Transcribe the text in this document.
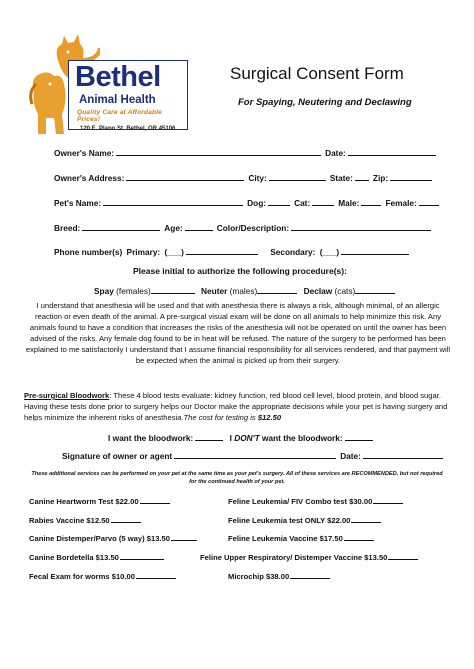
Bethel
Animal Health
Quality Care at Affordable Prices!
120 E. Plano St. Bethel, OR 45106
Surgical Consent Form
For Spaying, Neutering and Declawing
Owner's Name:	Date:
Owner's Address:	City:	State: Zip:
Pet's Name:	Dog:	Cat:	Male:	Female:
Breed:	Age:	Color/Description:
Phone number(s) Primary: (___)	Secondary: (___)
Please initial to authorize the following procedure(s):
Spay (females)	Neuter (males)	Declaw (cats)
I understand that anesthesia will be used and that with anesthesia there is always a risk, although minimal, of an allergic reaction or even death of the animal. A pre-surgical visual exam will be done on all animals to help minimize this risk. Any animals found to have a condition that increases the risks of the anesthesia will not be operated on until the owner has been advised of the risks. Any female dog found to be in heat will be refused. The nature of the surgery to be performed has been explained to me satisfactorily I understand that I assume financial responsibility for all services rendered, and that payment will be expected when the animal is picked up from their surgery.
Pre-surgical Bloodwork: These 4 blood tests evaluate: kidney function, red blood cell level, blood protein, and blood sugar. Having these tests done prior to surgery helps our Doctor make the appropriate decisions while your pet is having surgery and helps minimize the inherent risks of anesthesia.The cost for testing is $12.50
I want the bloodwork:	I DON'T want the bloodwork:
Signature of owner or agent	Date:
These additional services can be performed on your pet at the same time as your pet's surgery. All of these services are RECOMMENDED, but not required for the continued health of your pet.
Canine Heartworm Test $22.00	Feline Leukemia/ FIV Combo test $30.00
Rabies Vaccine $12.50	Feline Leukemia test ONLY $22.00
Canine Distemper/Parvo (5 way) $13.50	Feline Leukemia Vaccine $17.50
Canine Bordetella $13.50	Feline Upper Respiratory/ Distemper Vaccine $13.50
Fecal Exam for worms $10.00	Microchip $38.00
